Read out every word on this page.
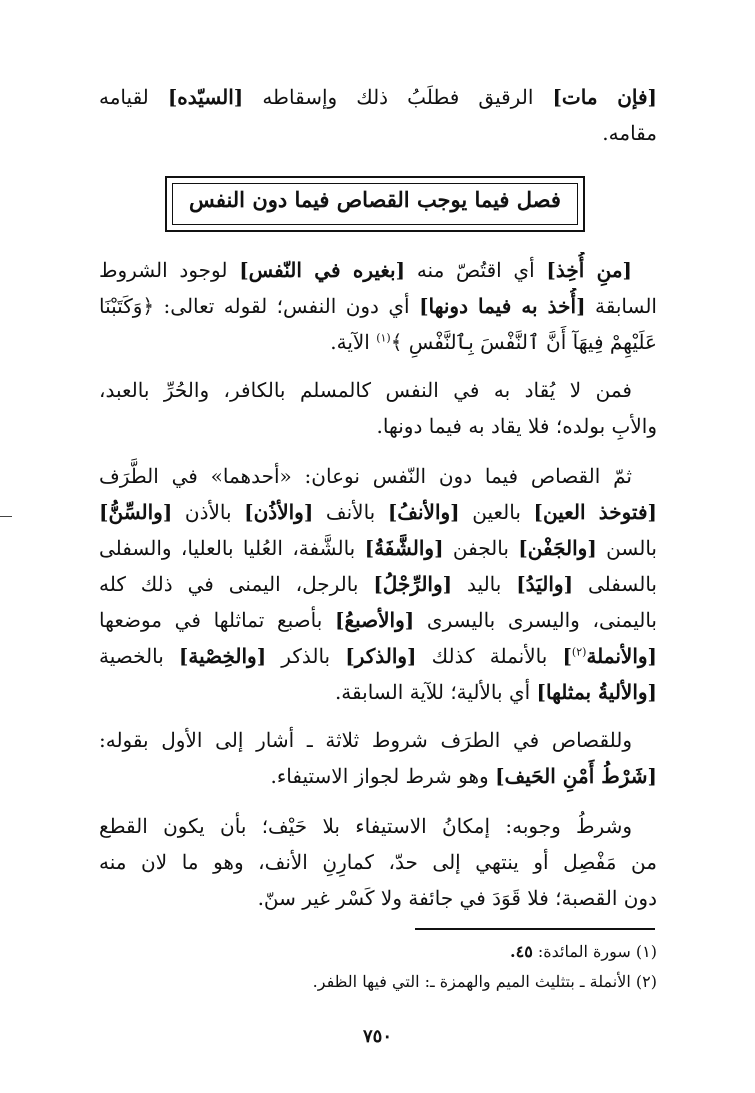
[فإن مات] الرقيق فطلَبُ ذلك وإسقاطه [السيّده] لقيامه
مقامه.
فصل فيما يوجب القصاص فيما دون النفس
[منِ أُخِذ] أي اقتُصّ منه [بغيره في النّفس] لوجود الشروط
السابقة [أُخذ به فيما دونها] أي دون النفس؛ لقوله تعالى: ﴿وَكَتَبْنَا
عَلَيْهِمْ فِيهَآ أَنَّ ٱلنَّفْسَ بِٱلنَّفْسِ ﴾$^{(١)}$ الآية.
فمن لا يُقاد به في النفس كالمسلم بالكافر، والحُرِّ بالعبد،
والأبِ بولده؛ فلا يقاد به فيما دونها.
ثمّ القصاص فيما دون النّفس نوعان: «أحدهما» في الطَّرَف
[فتوخذ العين] بالعين [والأنفُ] بالأنف [والأذُن] بالأذن [والسِّنُّ]
بالسن [والجَفْن] بالجفن [والشَّفَةُ] بالشَّفة، العُليا بالعليا، والسفلى
بالسفلى [واليَدُ] باليد [والرِّجْلُ] بالرجل، اليمنى في ذلك كله
باليمنى، واليسرى باليسرى [والأصبعُ] بأصبع تماثلها في موضعها
[والأنملة$^{(٢)}$] بالأنملة كذلك [والذكر] بالذكر [والخِصْية] بالخصية
[والأليةُ بمثلها] أي بالألية؛ للآية السابقة.
وللقصاص في الطرَف شروط ثلاثة ـ أشار إلى الأول بقوله:
[شَرْطُ أَمْنِ الحَيف] وهو شرط لجواز الاستيفاء.
وشرطُ وجوبه: إمكانُ الاستيفاء بلا حَيْف؛ بأن يكون القطع
من مَفْصِل أو ينتهي إلى حدّ، كمارِنِ الأنف، وهو ما لان منه
دون القصبة؛ فلا قَوَدَ في جائفة ولا كَسْر غير سنّ.
(١) سورة المائدة: ٤٥.
(٢) الأنملة ـ بتثليث الميم والهمزة ـ: التي فيها الظفر.
٧٥٠
